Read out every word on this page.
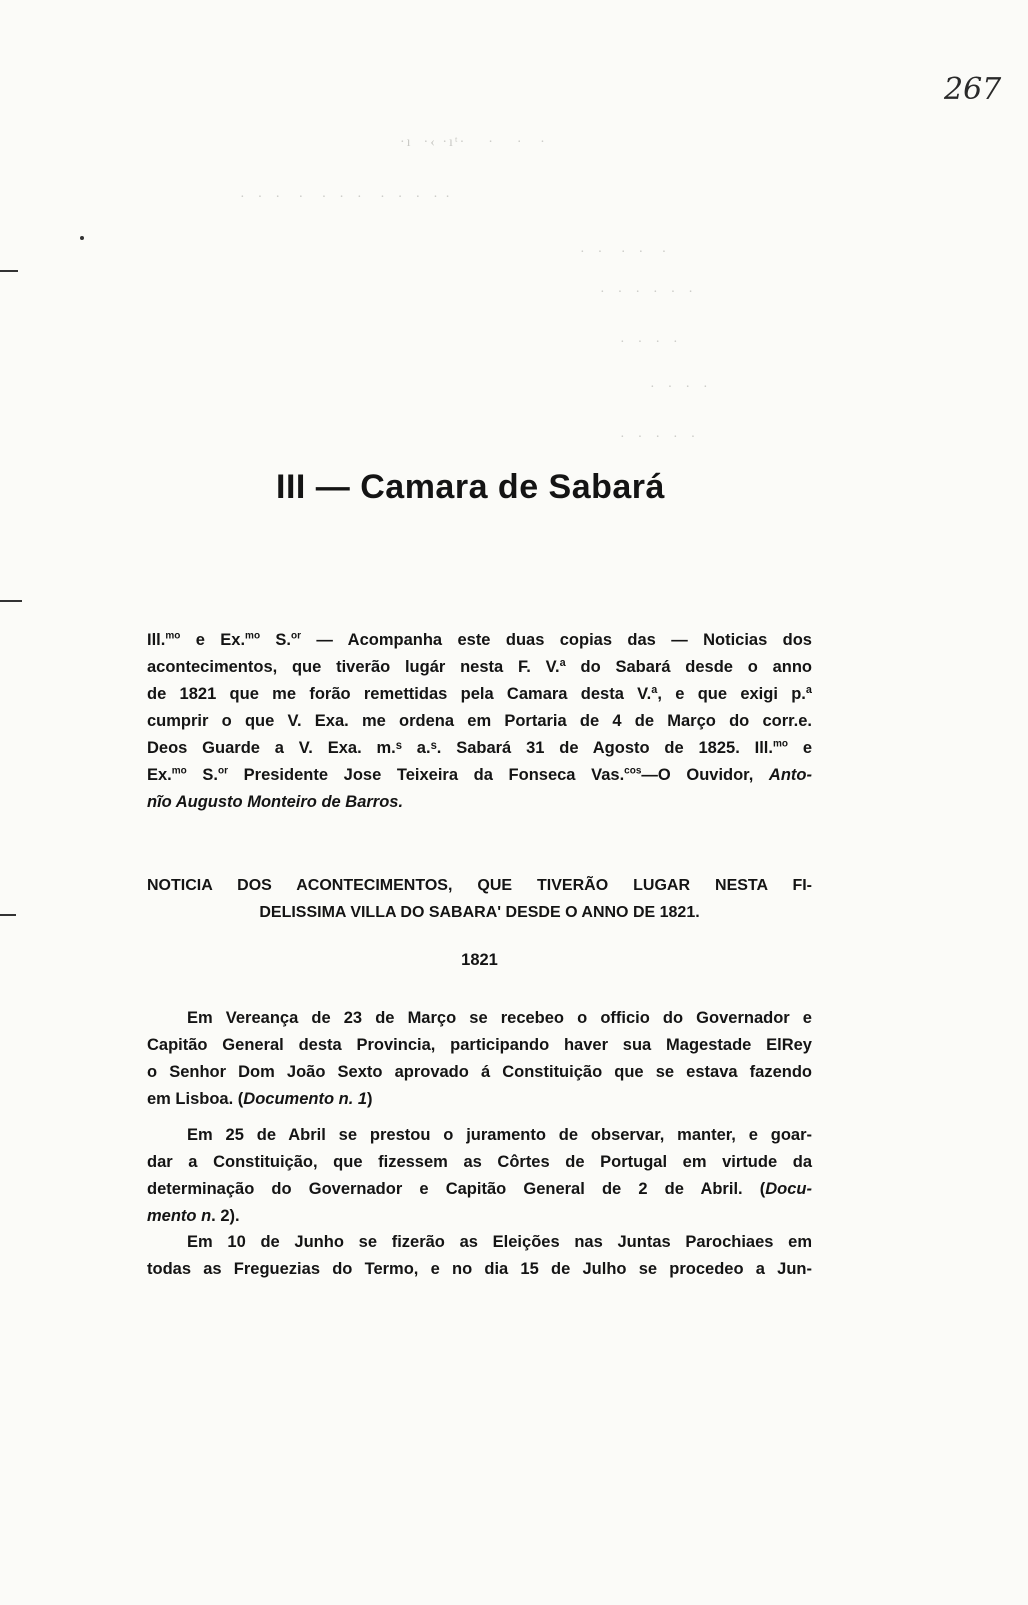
267
·ı  ·‹ ·ıᵗ·    ·    ·   ·
·  ·  ·   ·   ·  ·  ·   ·  ·  ·  · ·
·  ·   ·  ·   ·
·  ·  ·  ·  ·  ·
·  ·  ·  ·
·  ·  ·  ·
·  ·  ·  ·  ·
III — Camara de Sabará
Ill.$^{mo}$ e Ex.$^{mo}$ S.$^{or}$ — Acompanha este duas copias das — Noticias dos
acontecimentos, que tiverão lugár nesta F. V.ª do Sabará desde o anno
de 1821 que me forão remettidas pela Camara desta V.ª, e que exigi p.ª
cumprir o que V. Exa. me ordena em Portaria de 4 de Março do corr.e.
Deos Guarde a V. Exa. m.ˢ a.ˢ. Sabará 31 de Agosto de 1825. Ill.$^{mo}$ e
Ex.$^{mo}$ S.$^{or}$ Presidente Jose Teixeira da Fonseca Vas.$^{cos}$—O Ouvidor, Anto-
nĩo Augusto Monteiro de Barros.
NOTICIA DOS ACONTECIMENTOS, QUE TIVERÃO LUGAR NESTA FI-
DELISSIMA VILLA DO SABARA' DESDE O ANNO DE 1821.
1821
Em Vereança de 23 de Março se recebeo o officio do Governador e
Capitão General desta Provincia, participando haver sua Magestade ElRey
o Senhor Dom João Sexto aprovado á Constituição que se estava fazendo
em Lisboa. (Documento n. 1)
Em 25 de Abril se prestou o juramento de observar, manter, e goar-
dar a Constituição, que fizessem as Côrtes de Portugal em virtude da
determinação do Governador e Capitão General de 2 de Abril. (Docu-
mento n. 2).
Em 10 de Junho se fizerão as Eleições nas Juntas Parochiaes em
todas as Freguezias do Termo, e no dia 15 de Julho se procedeo a Jun-
